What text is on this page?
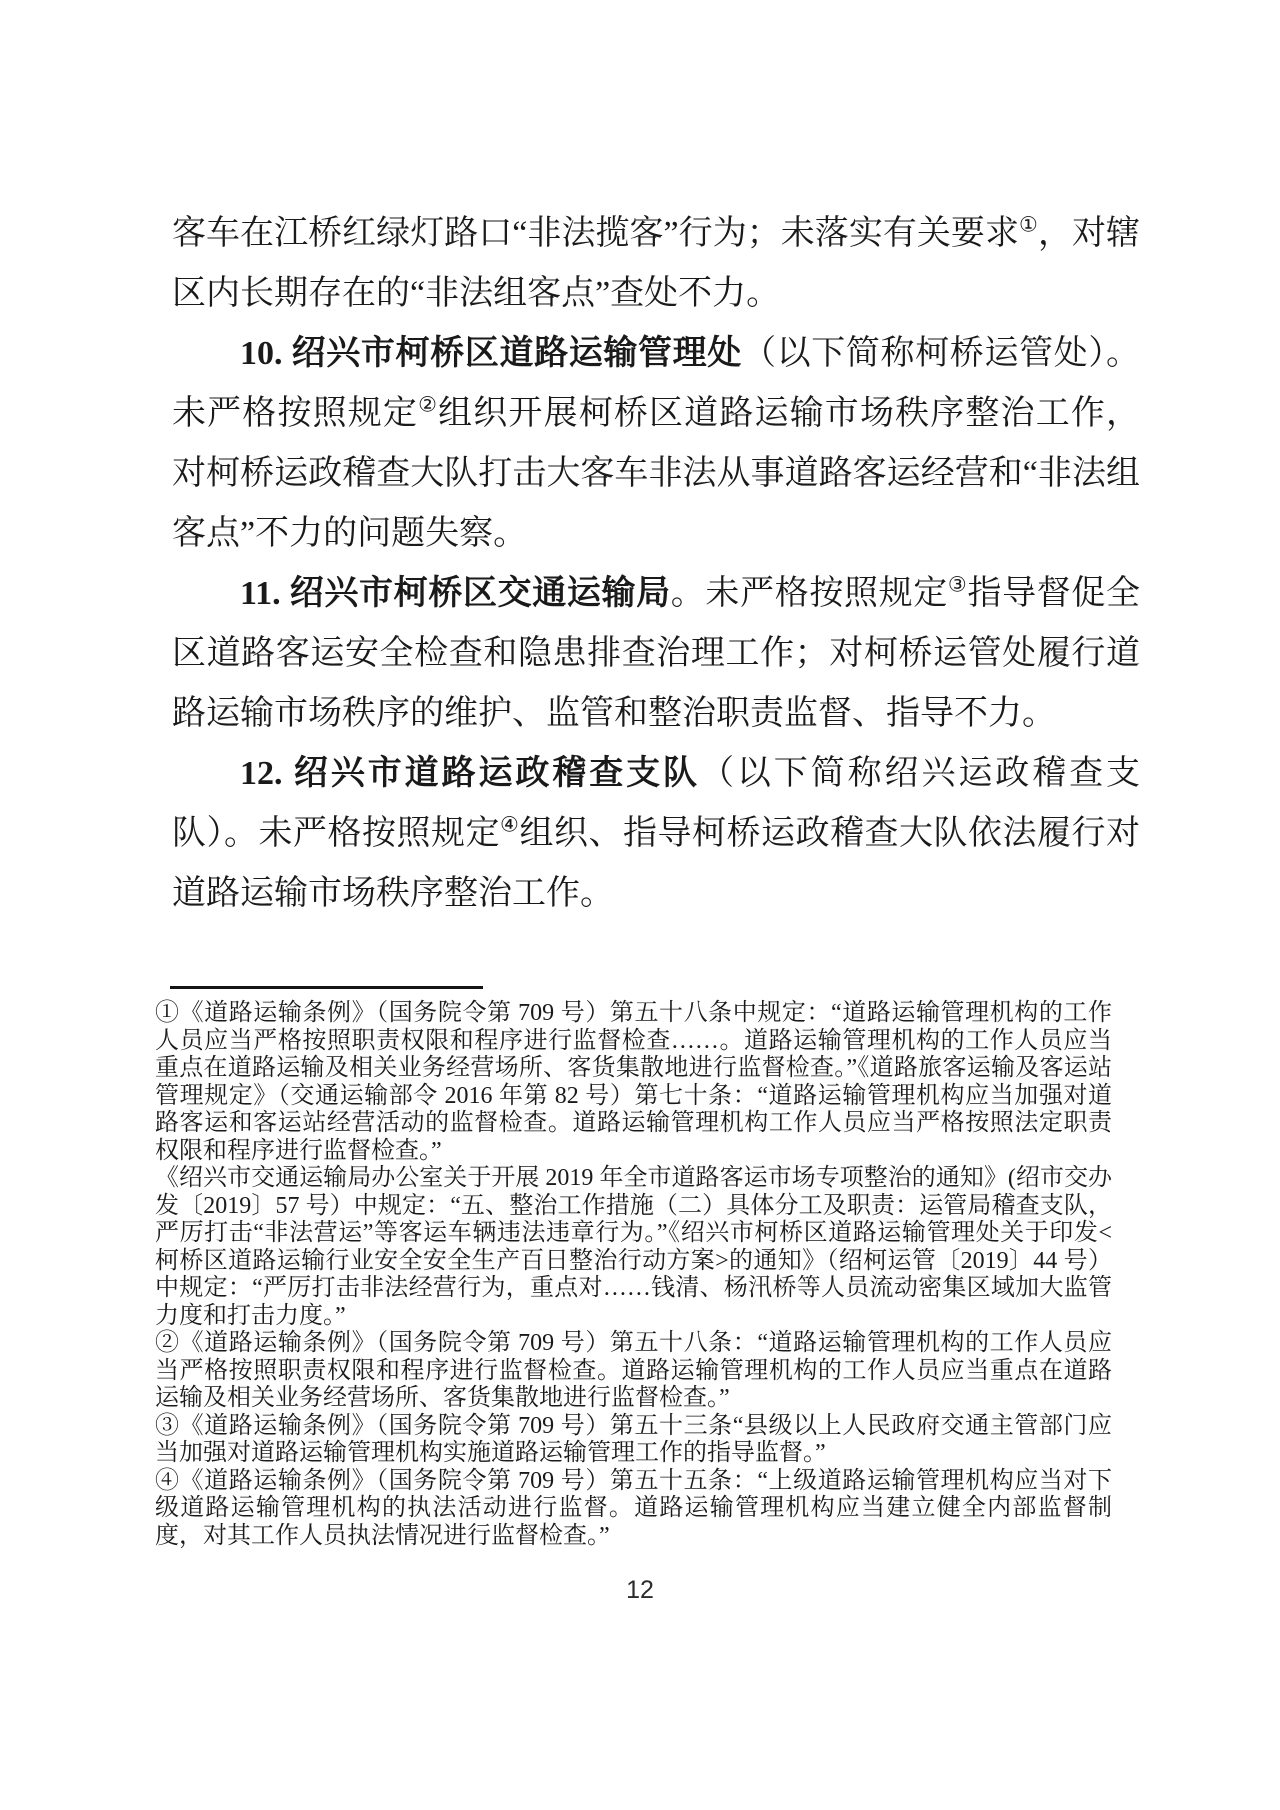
客车在江桥红绿灯路口“非法揽客”行为；未落实有关要求①，对辖区内长期存在的“非法组客点”查处不力。

10. 绍兴市柯桥区道路运输管理处（以下简称柯桥运管处）。未严格按照规定②组织开展柯桥区道路运输市场秩序整治工作，对柯桥运政稽查大队打击大客车非法从事道路客运经营和“非法组客点”不力的问题失察。

11. 绍兴市柯桥区交通运输局。未严格按照规定③指导督促全区道路客运安全检查和隐患排查治理工作；对柯桥运管处履行道路运输市场秩序的维护、监管和整治职责监督、指导不力。

12. 绍兴市道路运政稽查支队（以下简称绍兴运政稽查支队）。未严格按照规定④组织、指导柯桥运政稽查大队依法履行对道路运输市场秩序整治工作。

①《道路运输条例》（国务院令第 709 号）第五十八条中规定：“道路运输管理机构的工作人员应当严格按照职责权限和程序进行监督检查……。道路运输管理机构的工作人员应当重点在道路运输及相关业务经营场所、客货集散地进行监督检查。”《道路旅客运输及客运站管理规定》（交通运输部令 2016 年第 82 号）第七十条：“道路运输管理机构应当加强对道路客运和客运站经营活动的监督检查。道路运输管理机构工作人员应当严格按照法定职责权限和程序进行监督检查。”

《绍兴市交通运输局办公室关于开展 2019 年全市道路客运市场专项整治的通知》(绍市交办发〔2019〕57 号）中规定：“五、整治工作措施（二）具体分工及职责：运管局稽查支队，严厉打击“非法营运”等客运车辆违法违章行为。”《绍兴市柯桥区道路运输管理处关于印发<柯桥区道路运输行业安全安全生产百日整治行动方案>的通知》（绍柯运管〔2019〕44 号）中规定：“严厉打击非法经营行为，重点对……钱清、杨汛桥等人员流动密集区域加大监管力度和打击力度。”

②《道路运输条例》（国务院令第 709 号）第五十八条：“道路运输管理机构的工作人员应当严格按照职责权限和程序进行监督检查。道路运输管理机构的工作人员应当重点在道路运输及相关业务经营场所、客货集散地进行监督检查。”

③《道路运输条例》（国务院令第 709 号）第五十三条“县级以上人民政府交通主管部门应当加强对道路运输管理机构实施道路运输管理工作的指导监督。”

④《道路运输条例》（国务院令第 709 号）第五十五条：“上级道路运输管理机构应当对下级道路运输管理机构的执法活动进行监督。道路运输管理机构应当建立健全内部监督制度，对其工作人员执法情况进行监督检查。”

12
